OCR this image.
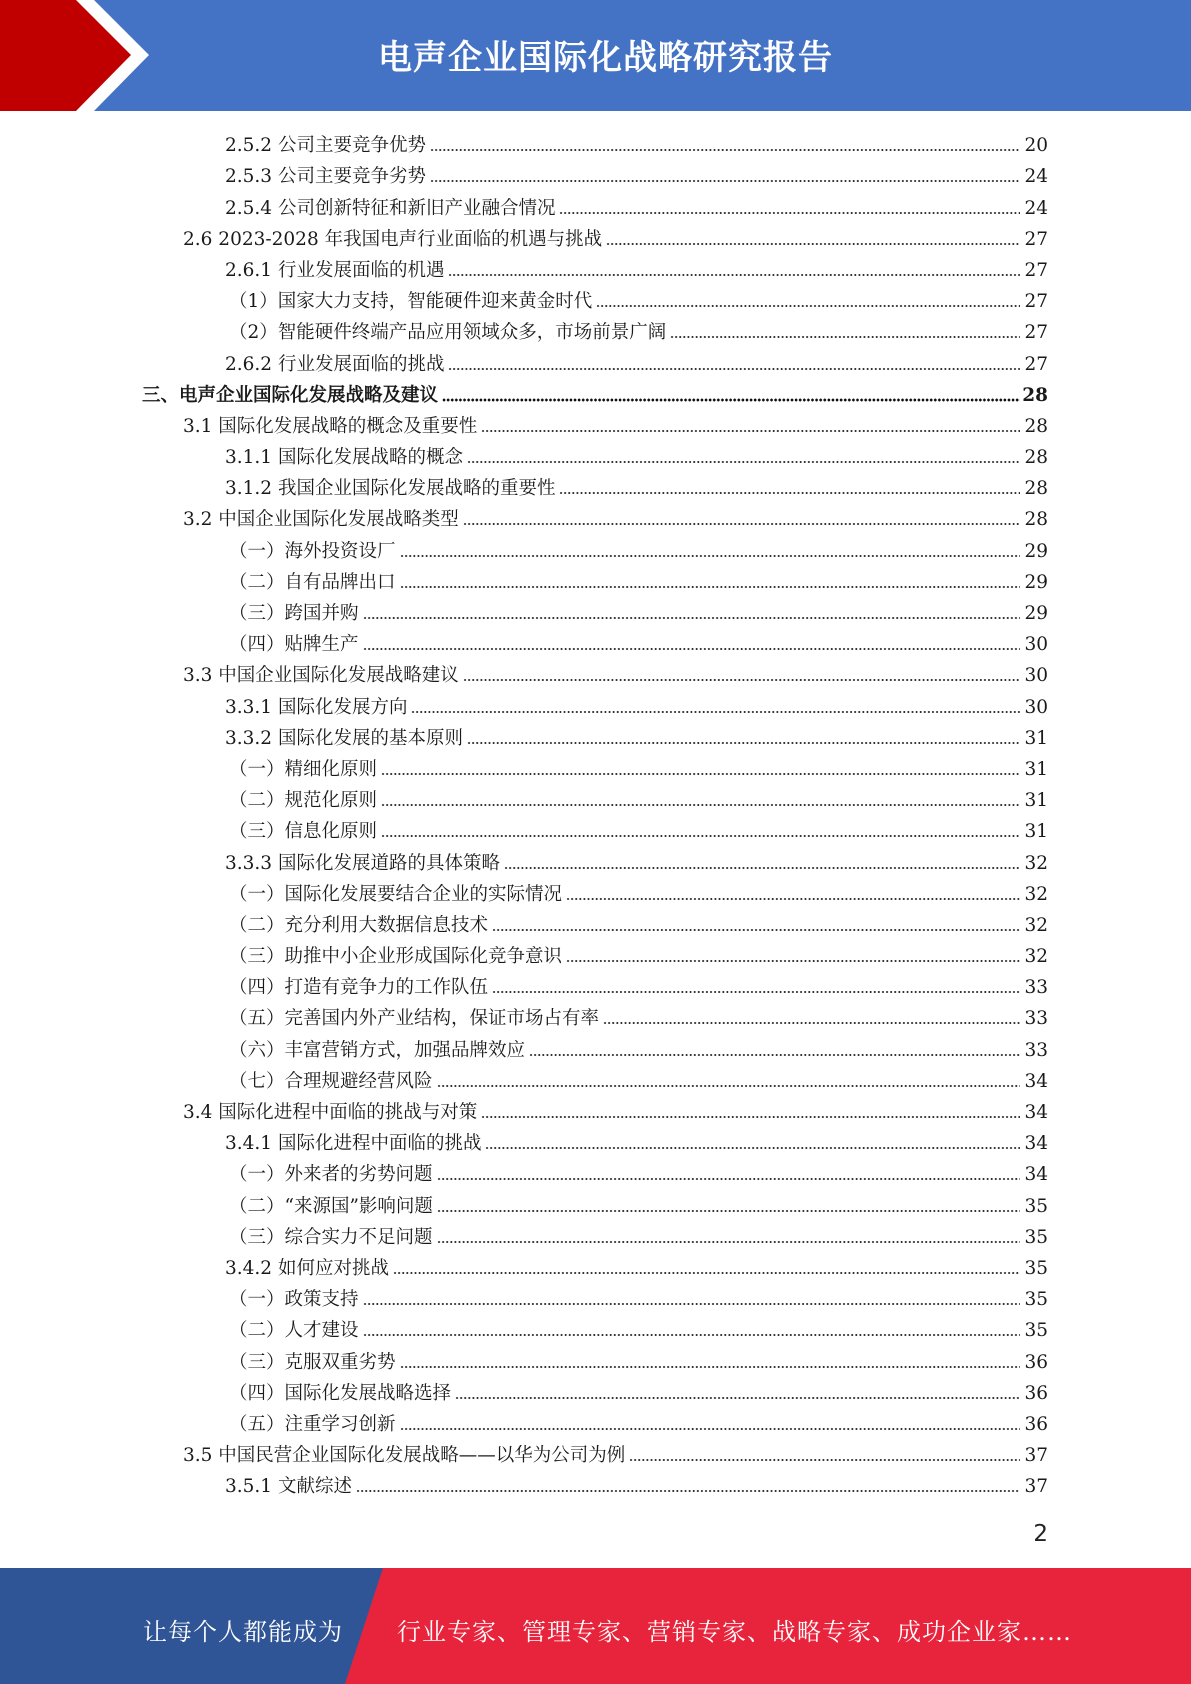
电声企业国际化战略研究报告
2.5.2 公司主要竞争优势	20
2.5.3 公司主要竞争劣势	24
2.5.4 公司创新特征和新旧产业融合情况	24
2.6 2023-2028 年我国电声行业面临的机遇与挑战	27
2.6.1 行业发展面临的机遇	27
（1）国家大力支持，智能硬件迎来黄金时代	27
（2）智能硬件终端产品应用领域众多，市场前景广阔	27
2.6.2 行业发展面临的挑战	27
三、电声企业国际化发展战略及建议	28
3.1 国际化发展战略的概念及重要性	28
3.1.1 国际化发展战略的概念	28
3.1.2 我国企业国际化发展战略的重要性	28
3.2 中国企业国际化发展战略类型	28
（一）海外投资设厂	29
（二）自有品牌出口	29
（三）跨国并购	29
（四）贴牌生产	30
3.3 中国企业国际化发展战略建议	30
3.3.1 国际化发展方向	30
3.3.2 国际化发展的基本原则	31
（一）精细化原则	31
（二）规范化原则	31
（三）信息化原则	31
3.3.3 国际化发展道路的具体策略	32
（一）国际化发展要结合企业的实际情况	32
（二）充分利用大数据信息技术	32
（三）助推中小企业形成国际化竞争意识	32
（四）打造有竞争力的工作队伍	33
（五）完善国内外产业结构，保证市场占有率	33
（六）丰富营销方式，加强品牌效应	33
（七）合理规避经营风险	34
3.4 国际化进程中面临的挑战与对策	34
3.4.1 国际化进程中面临的挑战	34
（一）外来者的劣势问题	34
（二）“来源国”影响问题	35
（三）综合实力不足问题	35
3.4.2 如何应对挑战	35
（一）政策支持	35
（二）人才建设	35
（三）克服双重劣势	36
（四）国际化发展战略选择	36
（五）注重学习创新	36
3.5 中国民营企业国际化发展战略——以华为公司为例	37
3.5.1 文献综述	37
2
让每个人都能成为 行业专家、管理专家、营销专家、战略专家、成功企业家……
